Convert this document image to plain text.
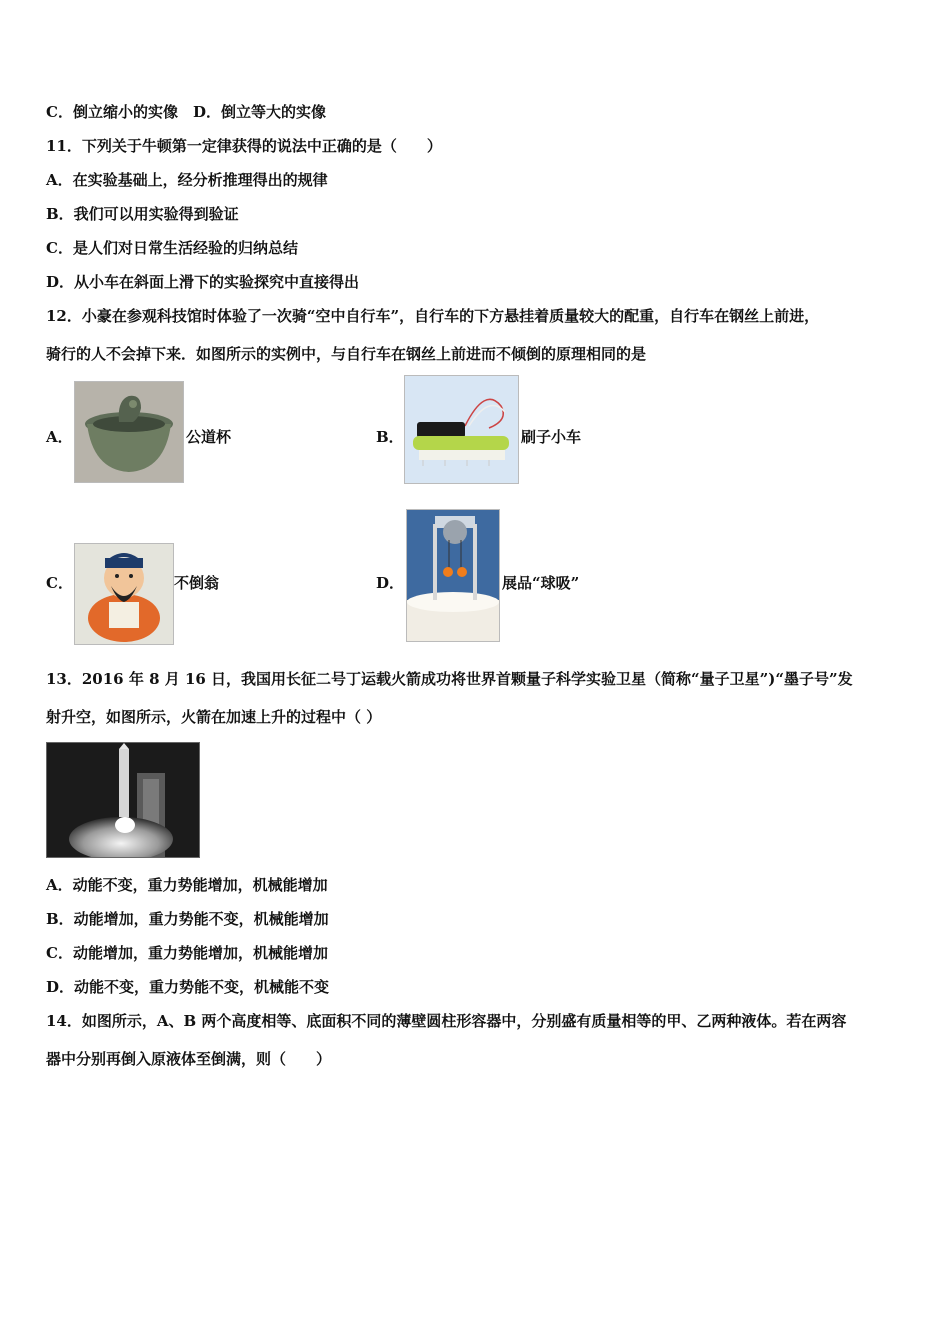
C．倒立缩小的实像　D．倒立等大的实像
11．下列关于牛顿第一定律获得的说法中正确的是（　　）
A．在实验基础上，经分析推理得出的规律
B．我们可以用实验得到验证
C．是人们对日常生活经验的归纳总结
D．从小车在斜面上滑下的实验探究中直接得出
12．小豪在参观科技馆时体验了一次骑“空中自行车”，自行车的下方悬挂着质量较大的配重，自行车在钢丝上前进，
骑行的人不会掉下来．如图所示的实例中，与自行车在钢丝上前进而不倾倒的原理相同的是
A．	公道杯	B．	刷子小车
C．	不倒翁	D．	展品“球吸”
13．2016 年 8 月 16 日，我国用长征二号丁运载火箭成功将世界首颗量子科学实验卫星（简称“量子卫星”)“墨子号”发
射升空，如图所示，火箭在加速上升的过程中（ ）
A．动能不变，重力势能增加，机械能增加
B．动能增加，重力势能不变，机械能增加
C．动能增加，重力势能增加，机械能增加
D．动能不变，重力势能不变，机械能不变
14．如图所示，A、B 两个高度相等、底面积不同的薄壁圆柱形容器中，分别盛有质量相等的甲、乙两种液体。若在两容
器中分别再倒入原液体至倒满，则（　　）
